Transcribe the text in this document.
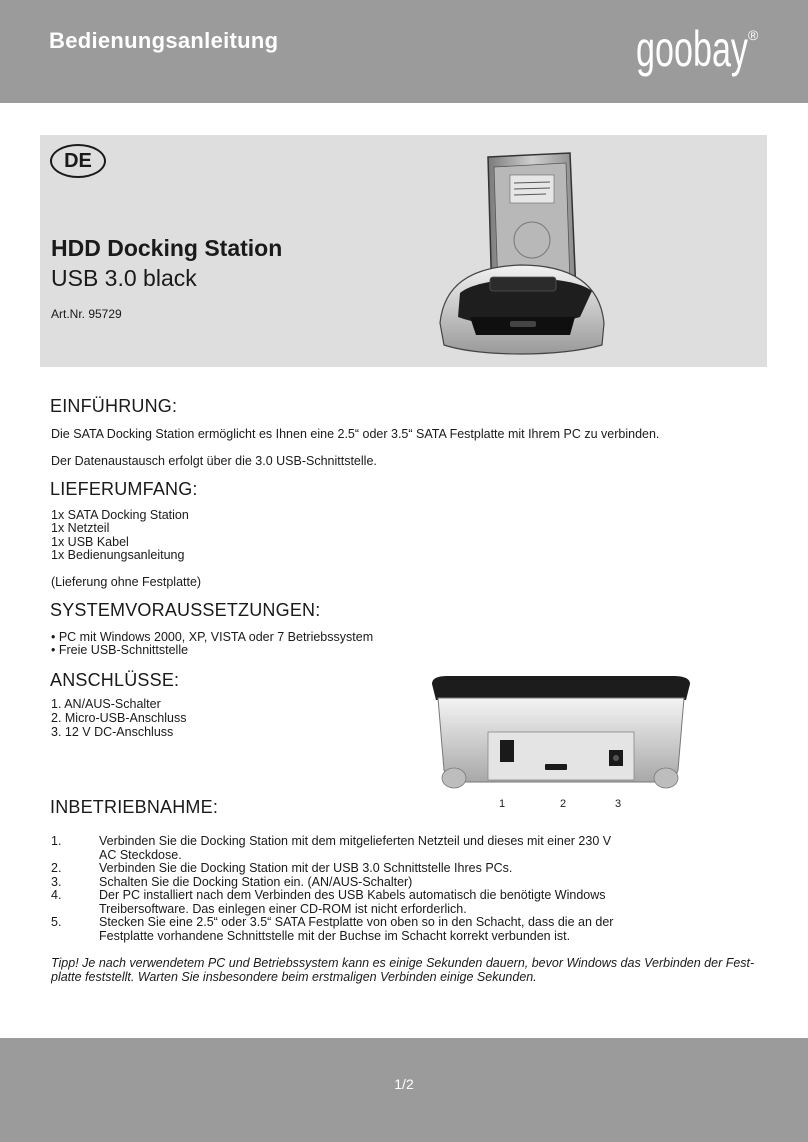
Bedienungsanleitung	goobay ®
DE
HDD Docking Station
USB 3.0 black
Art.Nr. 95729
EINFÜHRUNG:
Die SATA Docking Station ermöglicht es Ihnen eine 2.5“ oder 3.5“ SATA Festplatte mit Ihrem PC zu verbinden.
Der Datenaustausch erfolgt über die 3.0 USB-Schnittstelle.
LIEFERUMFANG:
1x SATA Docking Station
1x Netzteil
1x USB Kabel
1x Bedienungsanleitung
(Lieferung ohne Festplatte)
SYSTEMVORAUSSETZUNGEN:
• PC mit Windows 2000, XP, VISTA oder 7 Betriebssystem
• Freie USB-Schnittstelle
ANSCHLÜSSE:
1. AN/AUS-Schalter
2. Micro-USB-Anschluss
3. 12 V DC-Anschluss
1	2	3
INBETRIEBNAHME:
1.	Verbinden Sie die Docking Station mit dem mitgelieferten Netzteil und dieses mit einer 230 V
AC Steckdose.
2.	Verbinden Sie die Docking Station mit der USB 3.0 Schnittstelle Ihres PCs.
3.	Schalten Sie die Docking Station ein. (AN/AUS-Schalter)
4.	Der PC installiert nach dem Verbinden des USB Kabels automatisch die benötigte Windows
Treibersoftware. Das einlegen einer CD-ROM ist nicht erforderlich.
5.	Stecken Sie eine 2.5“ oder 3.5“ SATA Festplatte von oben so in den Schacht, dass die an der
Festplatte vorhandene Schnittstelle mit der Buchse im Schacht korrekt verbunden ist.
Tipp! Je nach verwendetem PC und Betriebssystem kann es einige Sekunden dauern, bevor Windows das Verbinden der Fest-
platte feststellt. Warten Sie insbesondere beim erstmaligen Verbinden einige Sekunden.
1/2
